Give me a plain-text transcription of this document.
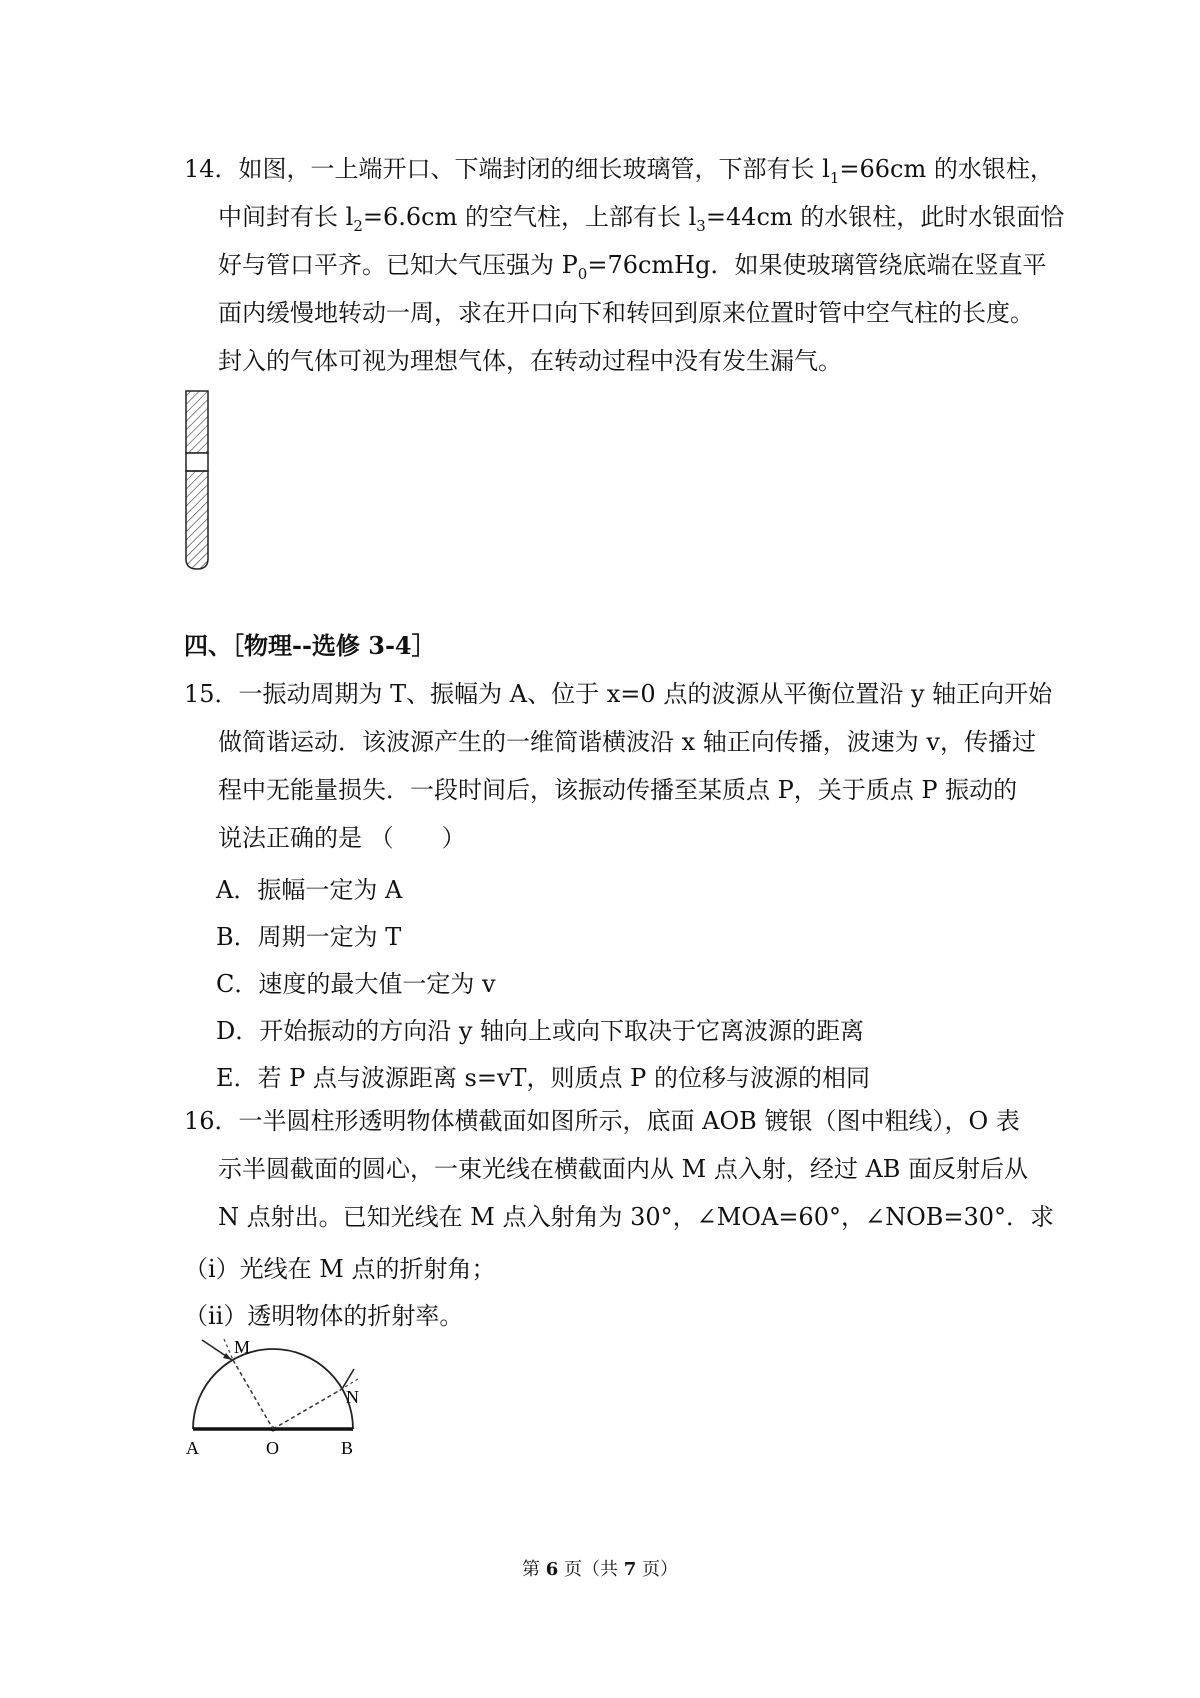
14．如图，一上端开口、下端封闭的细长玻璃管，下部有长 $l_1=66cm$ 的水银柱，
中间封有长 $l_2=6.6cm$ 的空气柱，上部有长 $l_3=44cm$ 的水银柱，此时水银面恰
好与管口平齐。已知大气压强为 $P_0=76cmHg$．如果使玻璃管绕底端在竖直平
面内缓慢地转动一周，求在开口向下和转回到原来位置时管中空气柱的长度。
封入的气体可视为理想气体，在转动过程中没有发生漏气。
四、［物理--选修 3-4］
15．一振动周期为 T、振幅为 A、位于 x=0 点的波源从平衡位置沿 y 轴正向开始
做简谐运动．该波源产生的一维简谐横波沿 x 轴正向传播，波速为 v，传播过
程中无能量损失．一段时间后，该振动传播至某质点 P，关于质点 P 振动的
说法正确的是 （　　）
A．振幅一定为 A
B．周期一定为 T
C．速度的最大值一定为 v
D．开始振动的方向沿 y 轴向上或向下取决于它离波源的距离
E．若 P 点与波源距离 s=vT，则质点 P 的位移与波源的相同
16．一半圆柱形透明物体横截面如图所示，底面 AOB 镀银（图中粗线），O 表
示半圆截面的圆心，一束光线在横截面内从 M 点入射，经过 AB 面反射后从
N 点射出。已知光线在 M 点入射角为 30°，∠MOA=60°，∠NOB=30°．求
（ⅰ）光线在 M 点的折射角；
（ⅱ）透明物体的折射率。
M
N
A	O	B
第 6 页（共 7 页）
